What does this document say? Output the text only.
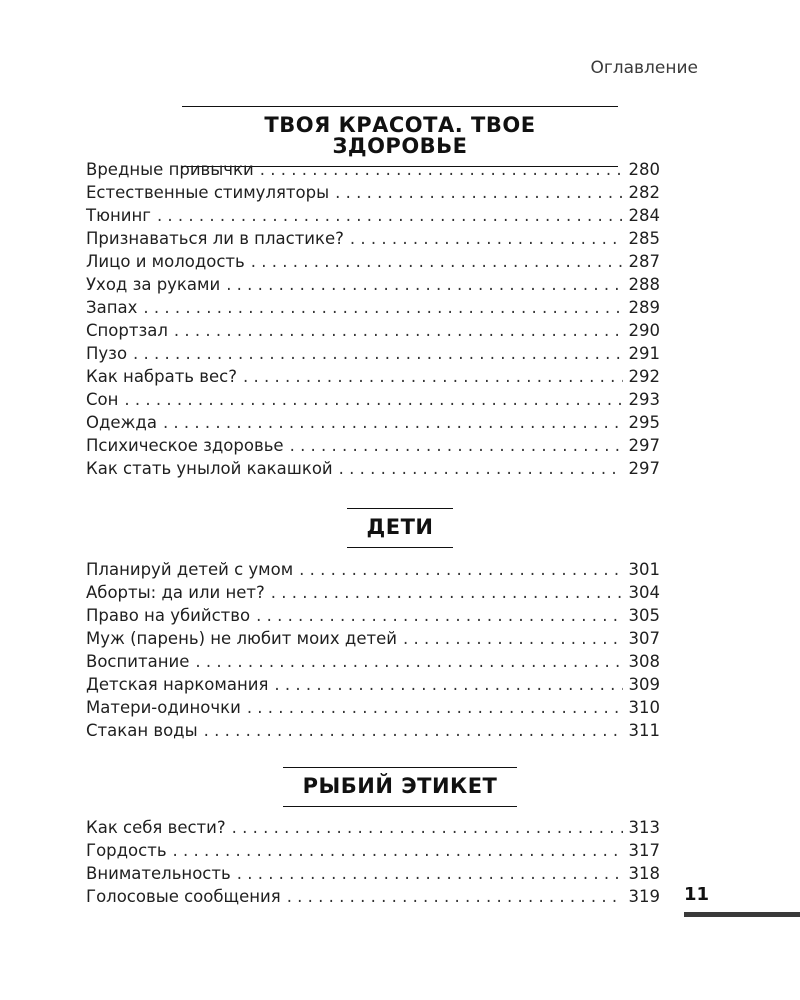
Оглавление
ТВОЯ КРАСОТА. ТВОЕ ЗДОРОВЬЕ
Вредные привычки . . .	280
Естественные стимуляторы . . .	282
Тюнинг . . .	284
Признаваться ли в пластике? . . .	285
Лицо и молодость . . .	287
Уход за руками . . .	288
Запах . . .	289
Спортзал . . .	290
Пузо . . .	291
Как набрать вес? . . .	292
Сон . . .	293
Одежда . . .	295
Психическое здоровье . . .	297
Как стать унылой какашкой . . .	297
ДЕТИ
Планируй детей с умом . . .	301
Аборты: да или нет? . . .	304
Право на убийство . . .	305
Муж (парень) не любит моих детей . . .	307
Воспитание . . .	308
Детская наркомания . . .	309
Матери-одиночки . . .	310
Стакан воды . . .	311
РЫБИЙ ЭТИКЕТ
Как себя вести? . . .	313
Гордость . . .	317
Внимательность . . .	318
Голосовые сообщения . . .	319 11
